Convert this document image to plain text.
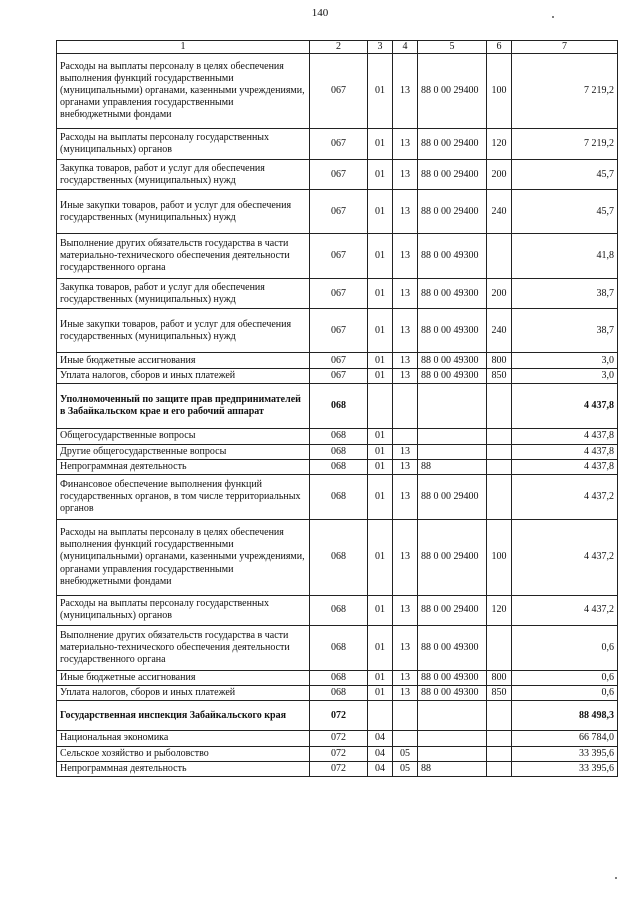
140
1	2	3	4	5	6	7
Расходы на выплаты персоналу в целях обеспечения выполнения функций государственными (муниципальными) органами, казенными учреждениями, органами управления государственными внебюджетными фондами	067	01	13	88 0 00 29400	100	7 219,2
Расходы на выплаты персоналу государственных (муниципальных) органов	067	01	13	88 0 00 29400	120	7 219,2
Закупка товаров, работ и услуг для обеспечения государственных (муниципальных) нужд	067	01	13	88 0 00 29400	200	45,7
Иные закупки товаров, работ и услуг для обеспечения государственных (муниципальных) нужд	067	01	13	88 0 00 29400	240	45,7
Выполнение других обязательств государства в части материально-технического обеспечения деятельности государственного органа	067	01	13	88 0 00 49300		41,8
Закупка товаров, работ и услуг для обеспечения государственных (муниципальных) нужд	067	01	13	88 0 00 49300	200	38,7
Иные закупки товаров, работ и услуг для обеспечения государственных (муниципальных) нужд	067	01	13	88 0 00 49300	240	38,7
Иные бюджетные ассигнования	067	01	13	88 0 00 49300	800	3,0
Уплата налогов, сборов и иных платежей	067	01	13	88 0 00 49300	850	3,0
Уполномоченный по защите прав предпринимателей в Забайкальском крае и его рабочий аппарат	068					4 437,8
Общегосударственные вопросы	068	01				4 437,8
Другие общегосударственные вопросы	068	01	13			4 437,8
Непрограммная деятельность	068	01	13	88		4 437,8
Финансовое обеспечение выполнения функций государственных органов, в том числе территориальных органов	068	01	13	88 0 00 29400		4 437,2
Расходы на выплаты персоналу в целях обеспечения выполнения функций государственными (муниципальными) органами, казенными учреждениями, органами управления государственными внебюджетными фондами	068	01	13	88 0 00 29400	100	4 437,2
Расходы на выплаты персоналу государственных (муниципальных) органов	068	01	13	88 0 00 29400	120	4 437,2
Выполнение других обязательств государства в части материально-технического обеспечения деятельности государственного органа	068	01	13	88 0 00 49300		0,6
Иные бюджетные ассигнования	068	01	13	88 0 00 49300	800	0,6
Уплата налогов, сборов и иных платежей	068	01	13	88 0 00 49300	850	0,6
Государственная инспекция Забайкальского края	072					88 498,3
Национальная экономика	072	04				66 784,0
Сельское хозяйство и рыболовство	072	04	05			33 395,6
Непрограммная деятельность	072	04	05	88		33 395,6
